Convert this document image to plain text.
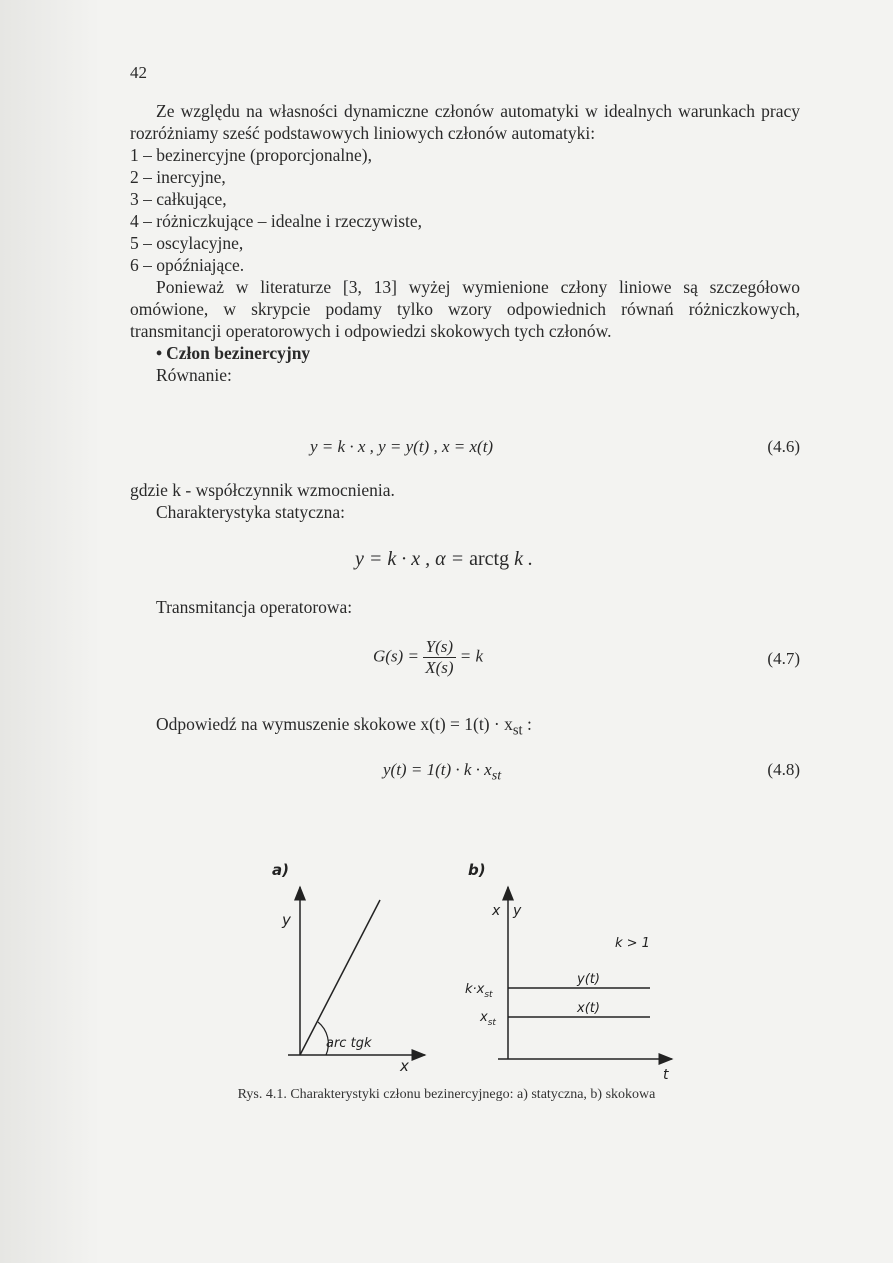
42

Ze względu na własności dynamiczne członów automatyki w idealnych warunkach pracy rozróżniamy sześć podstawowych liniowych członów automatyki:

1 – bezinercyjne (proporcjonalne),

2 – inercyjne,

3 – całkujące,

4 – różniczkujące – idealne i rzeczywiste,

5 – oscylacyjne,

6 – opóźniające.

Ponieważ w literaturze [3, 13] wyżej wymienione człony liniowe są szczegółowo omówione, w skrypcie podamy tylko wzory odpowiednich równań różniczkowych, transmitancji operatorowych i odpowiedzi skokowych tych członów.

• Człon bezinercyjny

Równanie:

y = k · x , y = y(t) , x = x(t)	(4.6)
gdzie k - współczynnik wzmocnienia.
Charakterystyka statyczna:
y = k · x , α = arctg k .
Transmitancja operatorowa:
$G(s) = \frac{Y(s)}{X(s)} = k$	(4.7)
Odpowiedź na wymuszenie skokowe $x(t) = 1(t) \cdot x_{st}$ :
$y(t) = 1(t) \cdot k \cdot x_{st}$	(4.8)
a)
y
x
arc tgk
b)
x y
t
k > 1
$k\cdot x_{st}$
$x_{st}$
y(t)
x(t)
Rys. 4.1. Charakterystyki członu bezinercyjnego: a) statyczna, b) skokowa
